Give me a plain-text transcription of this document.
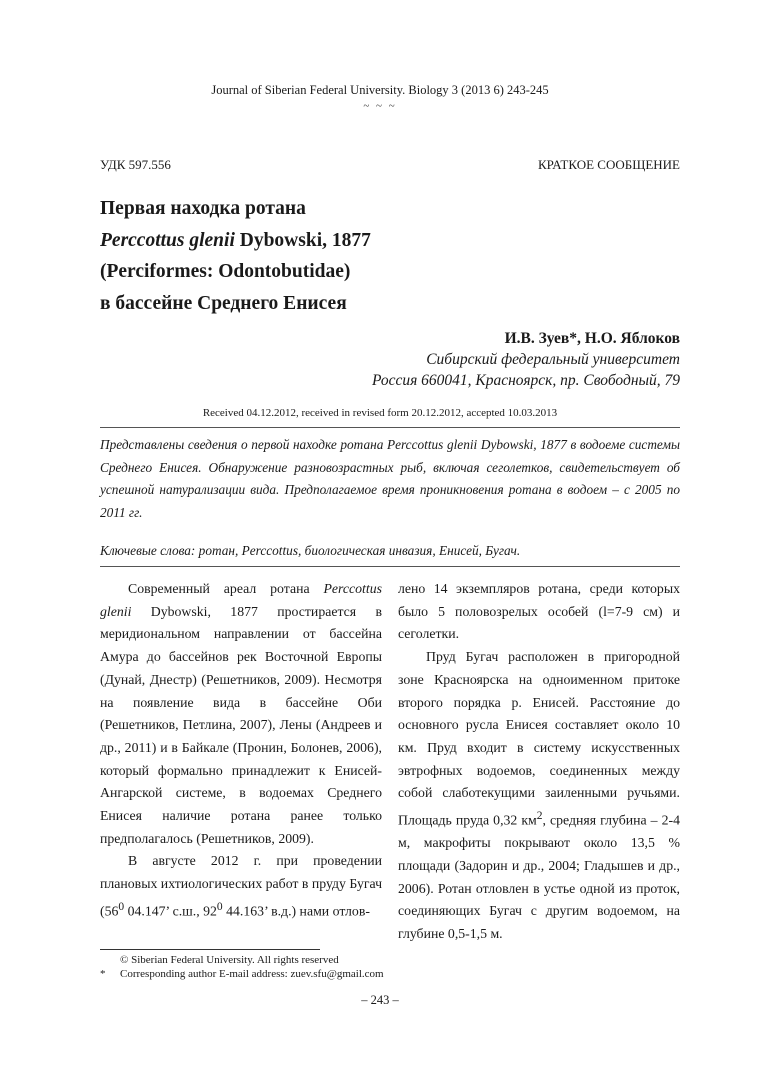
Journal of Siberian Federal University. Biology 3 (2013 6) 243-245
~ ~ ~
УДК 597.556	КРАТКОЕ СООБЩЕНИЕ
Первая находка ротана
Perccottus glenii Dybowski, 1877
(Perciformes: Odontobutidae)
в бассейне Среднего Енисея
И.В. Зуев*, Н.О. Яблоков
Сибирский федеральный университет
Россия 660041, Красноярск, пр. Свободный, 79
Received 04.12.2012, received in revised form 20.12.2012, accepted 10.03.2013
Представлены сведения о первой находке ротана Perccottus glenii Dybowski, 1877 в водоеме системы Среднего Енисея. Обнаружение разновозрастных рыб, включая сеголетков, свидетельствует об успешной натурализации вида. Предполагаемое время проникновения ротана в водоем – с 2005 по 2011 гг.
Ключевые слова: ротан, Perccottus, биологическая инвазия, Енисей, Бугач.

Современный ареал ротана Perccottus glenii Dybowski, 1877 простирается в меридиональном направлении от бассейна Амура до бассейнов рек Восточной Европы (Дунай, Днестр) (Решетников, 2009). Несмотря на появление вида в бассейне Оби (Решетников, Петлина, 2007), Лены (Андреев и др., 2011) и в Байкале (Пронин, Болонев, 2006), который формально принадлежит к Енисей-Ангарской системе, в водоемах Среднего Енисея наличие ротана ранее только предполагалось (Решетников, 2009).

В августе 2012 г. при проведении плановых ихтиологических работ в пруду Бугач ($56^0$ 04.147’ с.ш., $92^0$ 44.163’ в.д.) нами отлов-

лено 14 экземпляров ротана, среди которых было 5 половозрелых особей (l=7-9 см) и сеголетки.

Пруд Бугач расположен в пригородной зоне Красноярска на одноименном притоке второго порядка р. Енисей. Расстояние до основного русла Енисея составляет около 10 км. Пруд входит в систему искусственных эвтрофных водоемов, соединенных между собой слаботекущими заиленными ручьями. Площадь пруда 0,32 $км^2$, средняя глубина – 2-4 м, макрофиты покрывают около 13,5 % площади (Задорин и др., 2004; Гладышев и др., 2006). Ротан отловлен в устье одной из проток, соединяющих Бугач с другим водоемом, на глубине 0,5-1,5 м.

© Siberian Federal University. All rights reserved
* Corresponding author E-mail address: zuev.sfu@gmail.com
– 243 –
